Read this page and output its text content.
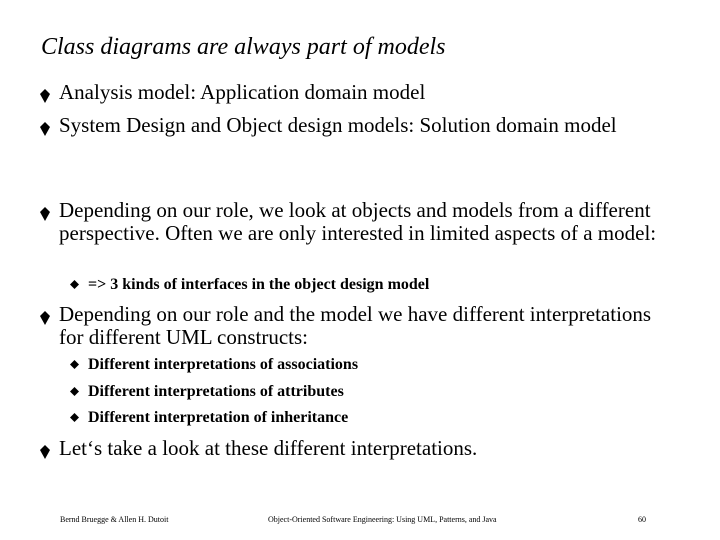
Class diagrams are always part of models
Analysis model: Application domain model
System Design and Object design models: Solution domain model
Depending on our role, we look at objects and models from a different perspective. Often we are only interested in limited aspects of a model:
=> 3 kinds of interfaces in the object design model
Depending on our role and the model we have different interpretations for different UML constructs:
Different interpretations of associations
Different interpretations of attributes
Different interpretation of inheritance
Let‘s take a look at these different interpretations.
Bernd Bruegge & Allen H. Dutoit	Object-Oriented Software Engineering: Using UML, Patterns, and Java	60
